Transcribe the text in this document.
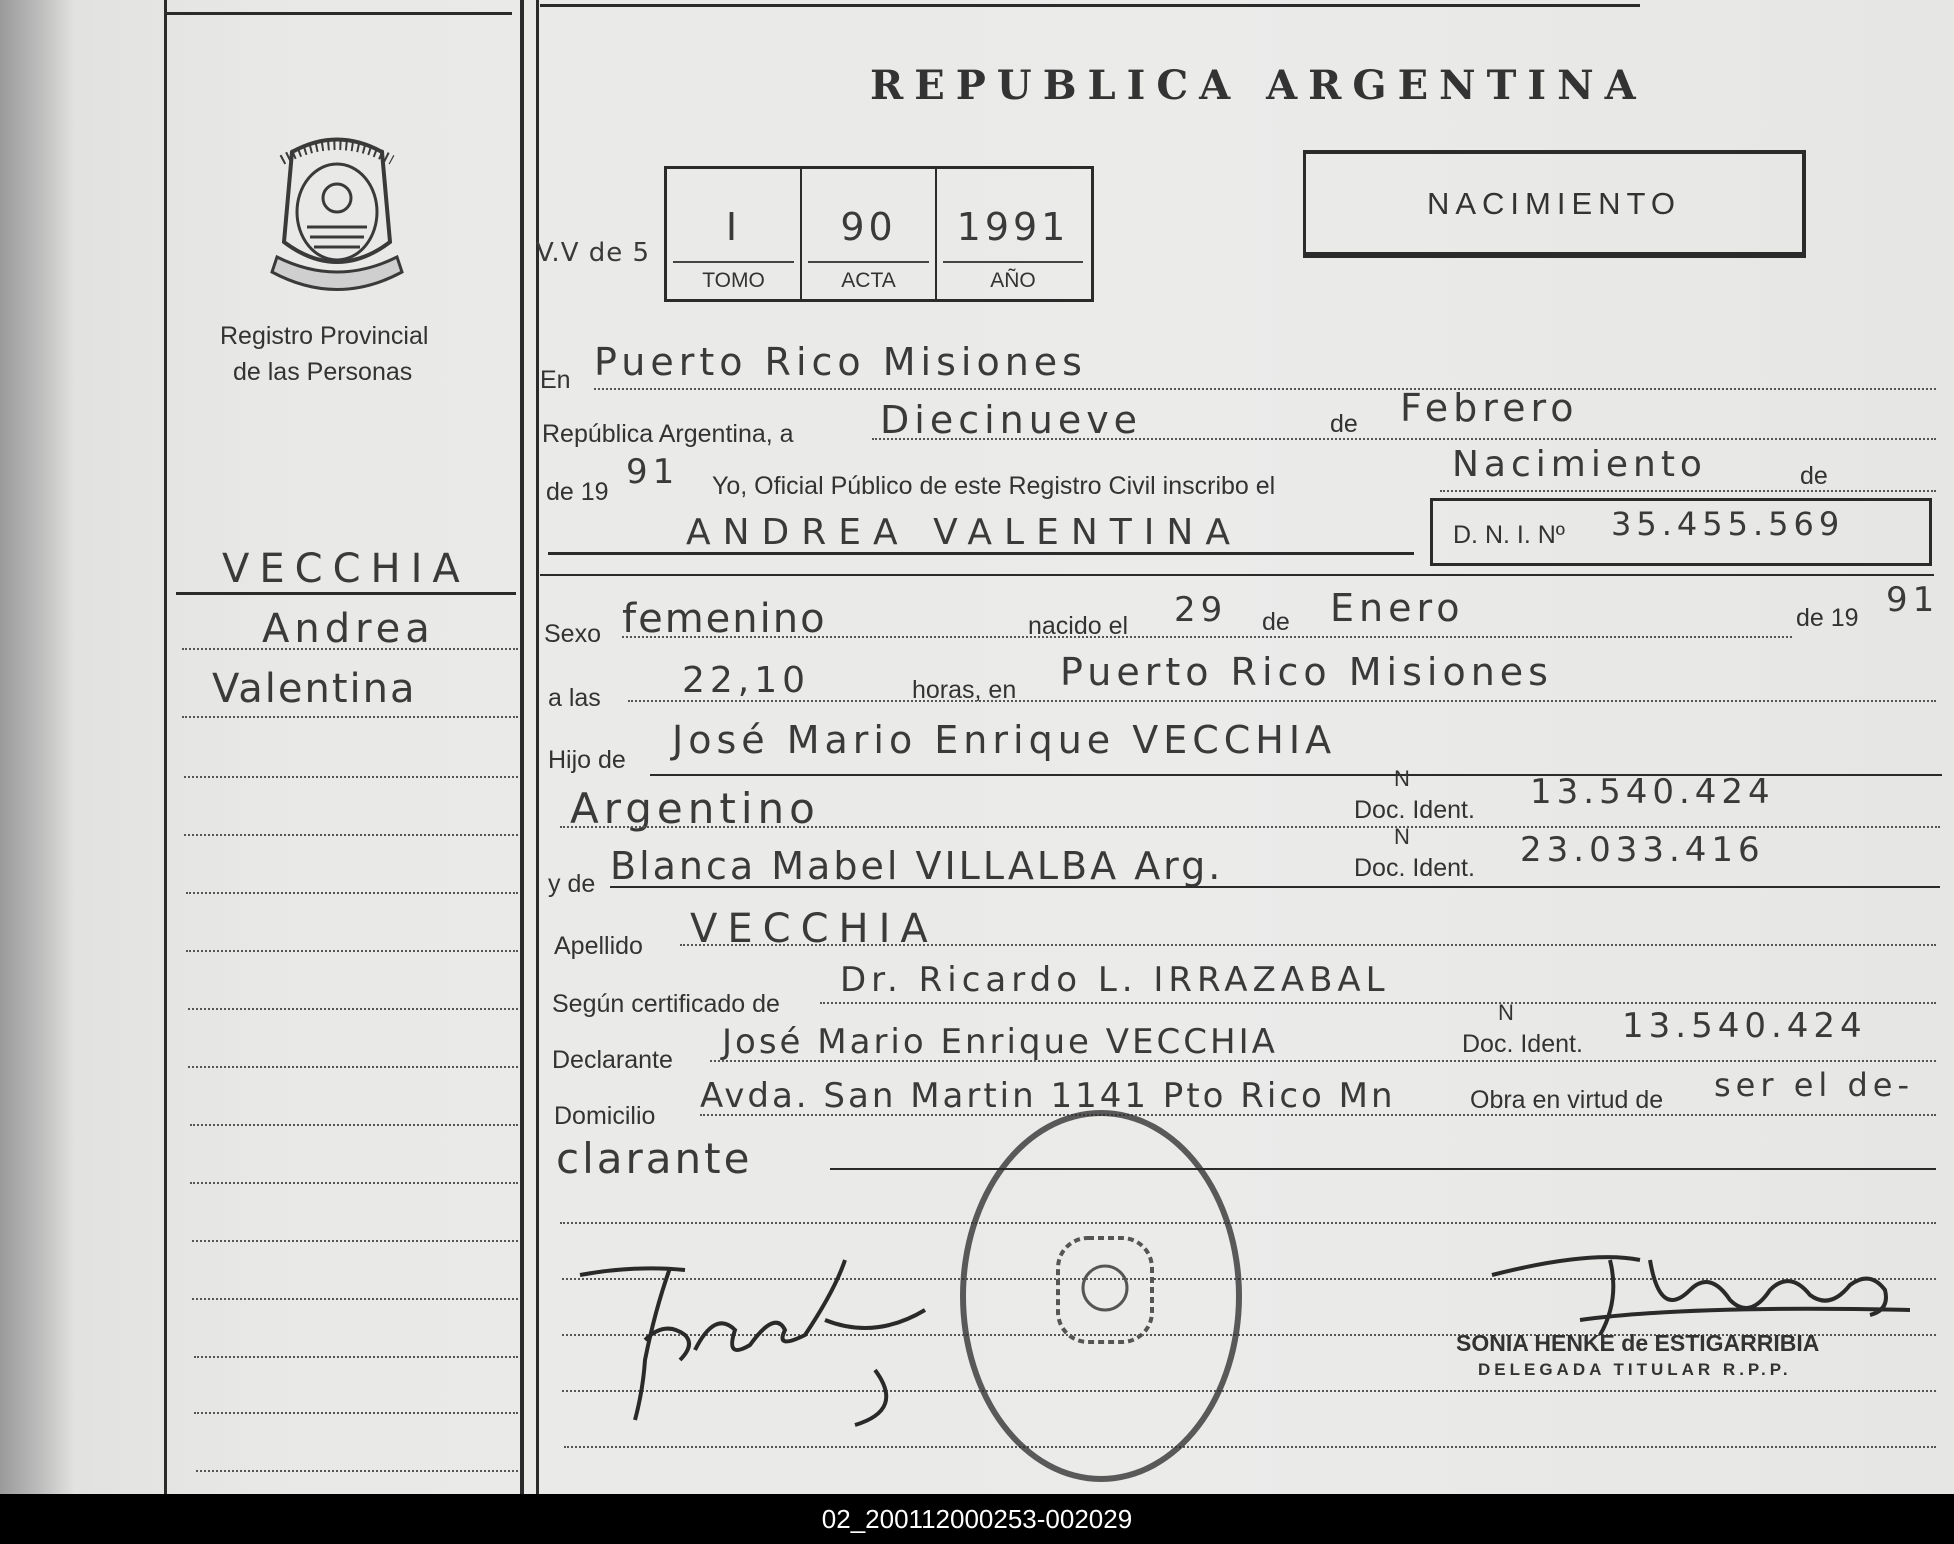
REPUBLICA ARGENTINA
NACIMIENTO
Registro Provincial
de las Personas
V.V de 5
I
TOMO
90
ACTA
1991
AÑO
VECCHIA
Andrea
Valentina
En Puerto Rico Misiones
República Argentina, a Diecinueve	de Febrero
de 19 91 Yo, Oficial Público de este Registro Civil inscribo el
Nacimiento	de
ANDREA VALENTINA	D. N. I. Nº 35.455.569
Sexo femenino	nacido el 29 de Enero	de 19 91
a las 22,10	horas, en Puerto Rico Misiones
Hijo de José Mario Enrique VECCHIA
Argentino
N
Doc. Ident. 13.540.424
y de Blanca Mabel VILLALBA Arg.
N
Doc. Ident. 23.033.416
Apellido VECCHIA
Según certificado de
Dr. Ricardo L. IRRAZABAL
Declarante José Mario Enrique VECCHIA
N
Doc. Ident. 13.540.424
Domicilio Avda. San Martin 1141 Pto Rico Mn	Obra en virtud de ser el de-
clarante
SONIA HENKE de ESTIGARRIBIA
DELEGADA TITULAR R.P.P.
02_200112000253-002029
